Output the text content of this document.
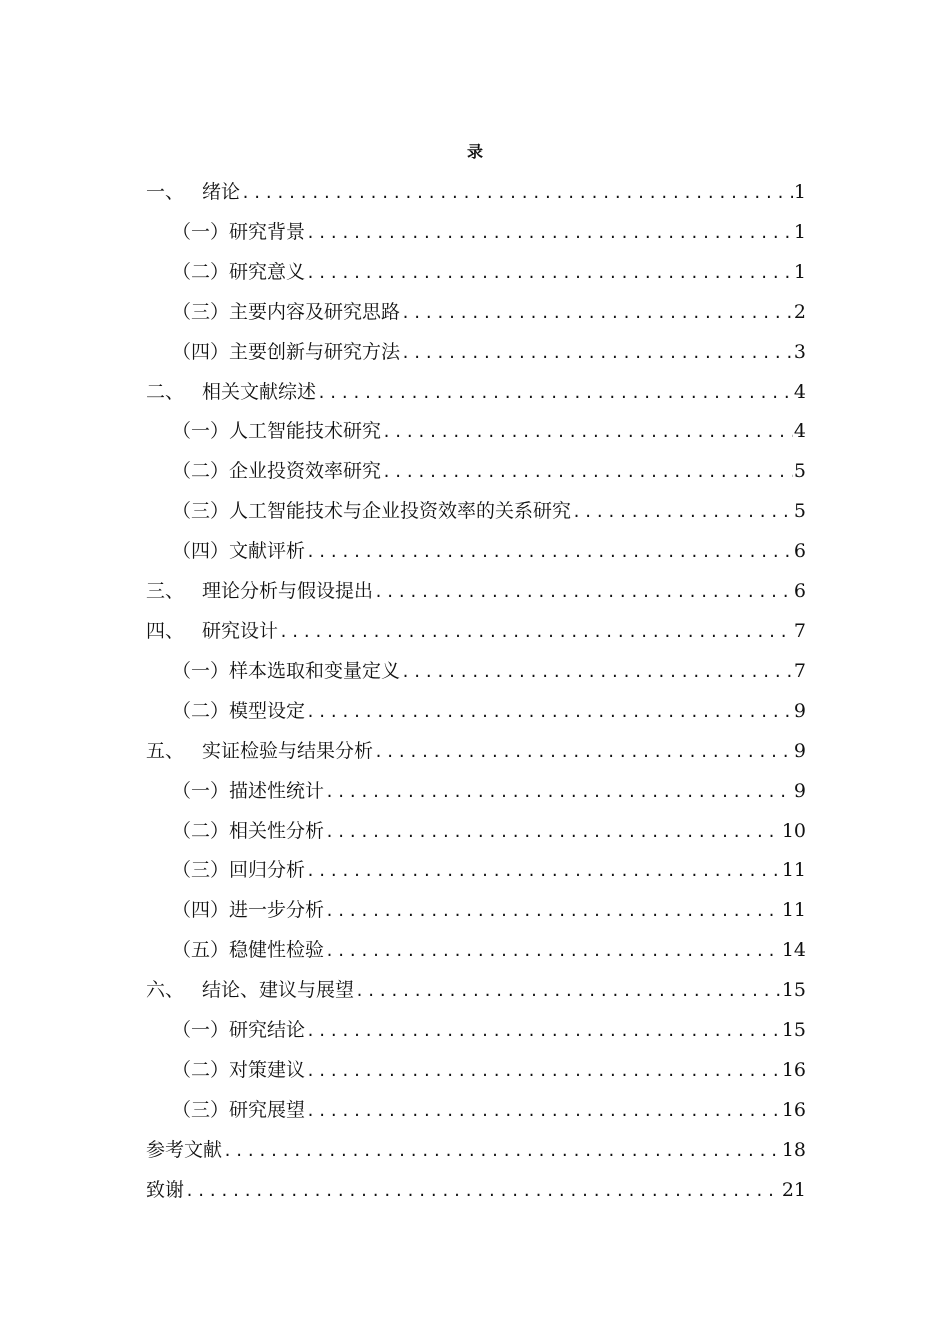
录
一、 绪论 .....	1
（一）研究背景 .....	1
（二）研究意义 .....	1
（三）主要内容及研究思路 .....	2
（四）主要创新与研究方法 .....	3
二、 相关文献综述 .....	4
（一）人工智能技术研究 .....	4
（二）企业投资效率研究 .....	5
（三）人工智能技术与企业投资效率的关系研究 .....	5
（四）文献评析 .....	6
三、 理论分析与假设提出 .....	6
四、 研究设计 .....	7
（一）样本选取和变量定义 .....	7
（二）模型设定 .....	9
五、 实证检验与结果分析 .....	9
（一）描述性统计 .....	9
（二）相关性分析 .....	10
（三）回归分析 .....	11
（四）进一步分析 .....	11
（五）稳健性检验 .....	14
六、 结论、建议与展望 .....	15
（一）研究结论 .....	15
（二）对策建议 .....	16
（三）研究展望 .....	16
参考文献 .....	18
致谢 .....	21
